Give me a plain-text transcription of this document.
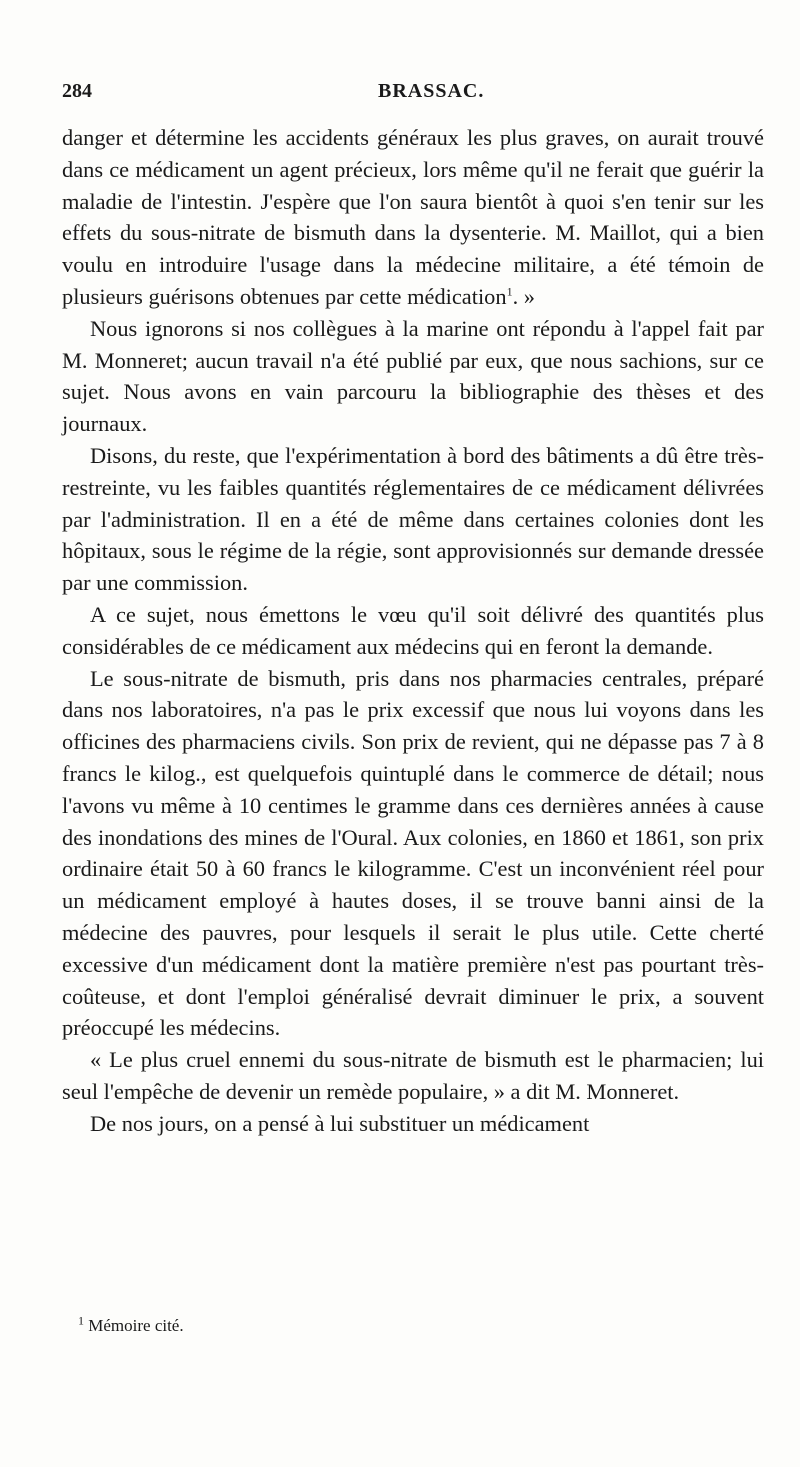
284	BRASSAC.

danger et détermine les accidents généraux les plus graves, on aurait trouvé dans ce médicament un agent précieux, lors même qu'il ne ferait que guérir la maladie de l'intestin. J'espère que l'on saura bientôt à quoi s'en tenir sur les effets du sous-nitrate de bismuth dans la dysenterie. M. Maillot, qui a bien voulu en introduire l'usage dans la médecine militaire, a été témoin de plusieurs guérisons obtenues par cette médication$^1$. »

Nous ignorons si nos collègues à la marine ont répondu à l'appel fait par M. Monneret; aucun travail n'a été publié par eux, que nous sachions, sur ce sujet. Nous avons en vain parcouru la bibliographie des thèses et des journaux.

Disons, du reste, que l'expérimentation à bord des bâtiments a dû être très-restreinte, vu les faibles quantités réglementaires de ce médicament délivrées par l'administration. Il en a été de même dans certaines colonies dont les hôpitaux, sous le régime de la régie, sont approvisionnés sur demande dressée par une commission.

A ce sujet, nous émettons le vœu qu'il soit délivré des quantités plus considérables de ce médicament aux médecins qui en feront la demande.

Le sous-nitrate de bismuth, pris dans nos pharmacies centrales, préparé dans nos laboratoires, n'a pas le prix excessif que nous lui voyons dans les officines des pharmaciens civils. Son prix de revient, qui ne dépasse pas 7 à 8 francs le kilog., est quelquefois quintuplé dans le commerce de détail; nous l'avons vu même à 10 centimes le gramme dans ces dernières années à cause des inondations des mines de l'Oural. Aux colonies, en 1860 et 1861, son prix ordinaire était 50 à 60 francs le kilogramme. C'est un inconvénient réel pour un médicament employé à hautes doses, il se trouve banni ainsi de la médecine des pauvres, pour lesquels il serait le plus utile. Cette cherté excessive d'un médicament dont la matière première n'est pas pourtant très-coûteuse, et dont l'emploi généralisé devrait diminuer le prix, a souvent préoccupé les médecins.

« Le plus cruel ennemi du sous-nitrate de bismuth est le pharmacien; lui seul l'empêche de devenir un remède populaire, » a dit M. Monneret.

De nos jours, on a pensé à lui substituer un médicament

$^1$ Mémoire cité.
